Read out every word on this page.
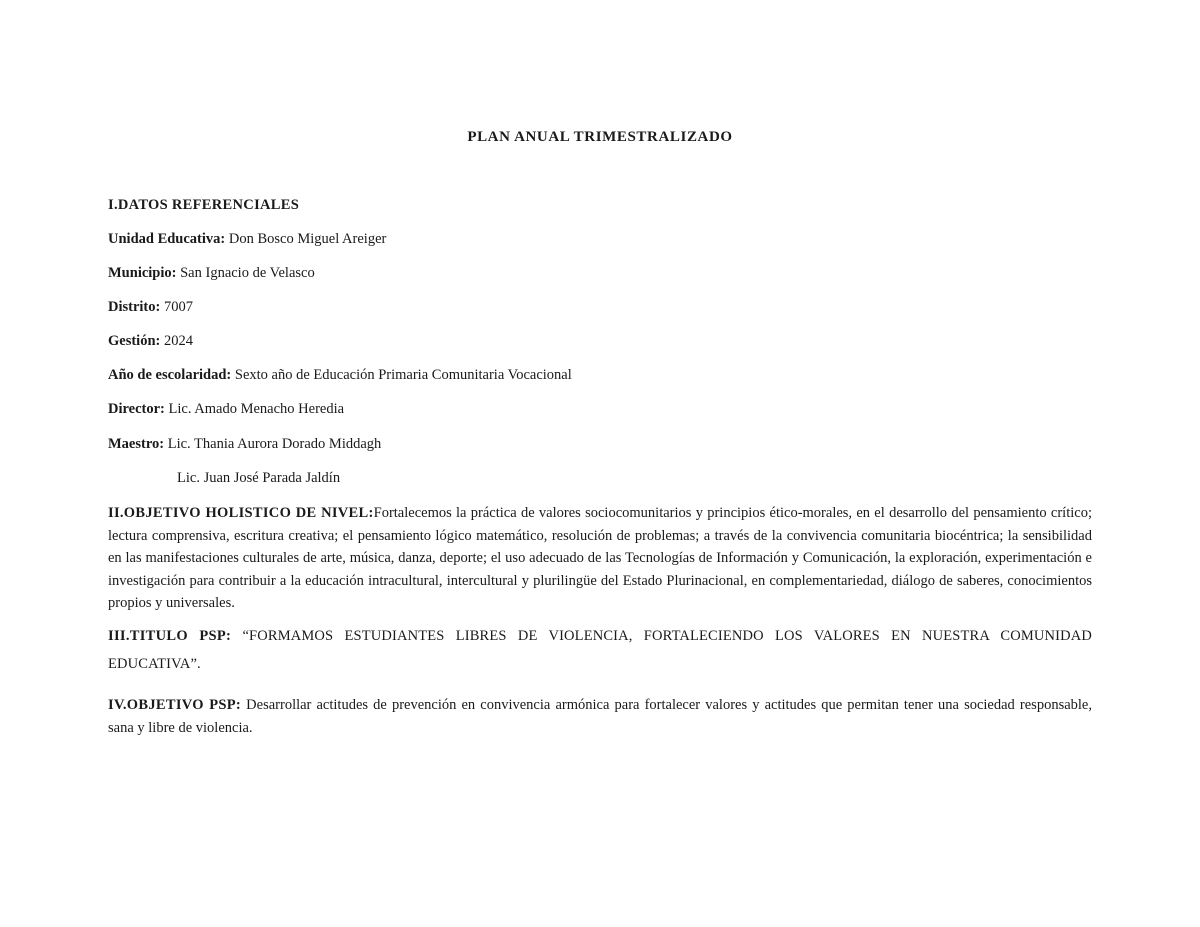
PLAN ANUAL TRIMESTRALIZADO
I.DATOS REFERENCIALES
Unidad Educativa: Don Bosco Miguel Areiger
Municipio: San Ignacio de Velasco
Distrito: 7007
Gestión: 2024
Año de escolaridad: Sexto año de Educación Primaria Comunitaria Vocacional
Director: Lic. Amado Menacho Heredia
Maestro: Lic. Thania Aurora Dorado Middagh
Lic. Juan José Parada Jaldín
II.OBJETIVO HOLISTICO DE NIVEL:Fortalecemos la práctica de valores sociocomunitarios y principios ético-morales, en el desarrollo del pensamiento crítico; lectura comprensiva, escritura creativa; el pensamiento lógico matemático, resolución de problemas; a través de la convivencia comunitaria biocéntrica; la sensibilidad en las manifestaciones culturales de arte, música, danza, deporte; el uso adecuado de las Tecnologías de Información y Comunicación, la exploración, experimentación e investigación para contribuir a la educación intracultural, intercultural y plurilingüe del Estado Plurinacional, en complementariedad, diálogo de saberes, conocimientos propios y universales.
III.TITULO PSP: “FORMAMOS ESTUDIANTES LIBRES DE VIOLENCIA, FORTALECIENDO LOS VALORES EN NUESTRA COMUNIDAD EDUCATIVA”.
IV.OBJETIVO PSP: Desarrollar actitudes de prevención en convivencia armónica para fortalecer valores y actitudes que permitan tener una sociedad responsable, sana y libre de violencia.
